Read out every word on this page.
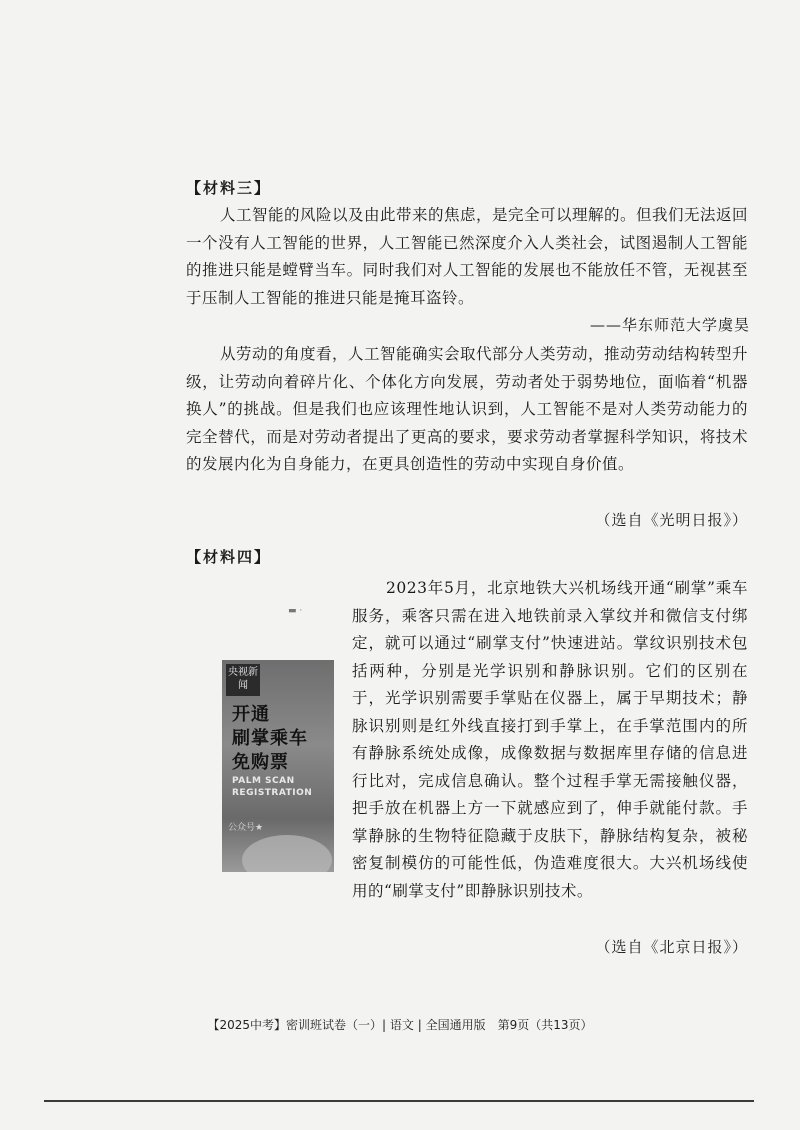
【材料三】
人工智能的风险以及由此带来的焦虑，是完全可以理解的。但我们无法返回一个没有人工智能的世界，人工智能已然深度介入人类社会，试图遏制人工智能的推进只能是螳臂当车。同时我们对人工智能的发展也不能放任不管，无视甚至于压制人工智能的推进只能是掩耳盗铃。
——华东师范大学虞昊
从劳动的角度看，人工智能确实会取代部分人类劳动，推动劳动结构转型升级，让劳动向着碎片化、个体化方向发展，劳动者处于弱势地位，面临着“机器换人”的挑战。但是我们也应该理性地认识到，人工智能不是对人类劳动能力的完全替代，而是对劳动者提出了更高的要求，要求劳动者掌握科学知识，将技术的发展内化为自身能力，在更具创造性的劳动中实现自身价值。
（选自《光明日报》）
【材料四】
▬ ·
央视新闻
开通
刷掌乘车
免购票
PALM SCAN
REGISTRATION
公众号★
2023年5月，北京地铁大兴机场线开通“刷掌”乘车服务，乘客只需在进入地铁前录入掌纹并和微信支付绑定，就可以通过“刷掌支付”快速进站。掌纹识别技术包括两种，分别是光学识别和静脉识别。它们的区别在于，光学识别需要手掌贴在仪器上，属于早期技术；静脉识别则是红外线直接打到手掌上，在手掌范围内的所有静脉系统处成像，成像数据与数据库里存储的信息进行比对，完成信息确认。整个过程手掌无需接触仪器，把手放在机器上方一下就感应到了，伸手就能付款。手掌静脉的生物特征隐藏于皮肤下，静脉结构复杂，被秘密复制模仿的可能性低，伪造难度很大。大兴机场线使用的“刷掌支付”即静脉识别技术。
（选自《北京日报》）
【2025中考】密训班试卷（一）| 语文 | 全国通用版　第9页（共13页）
